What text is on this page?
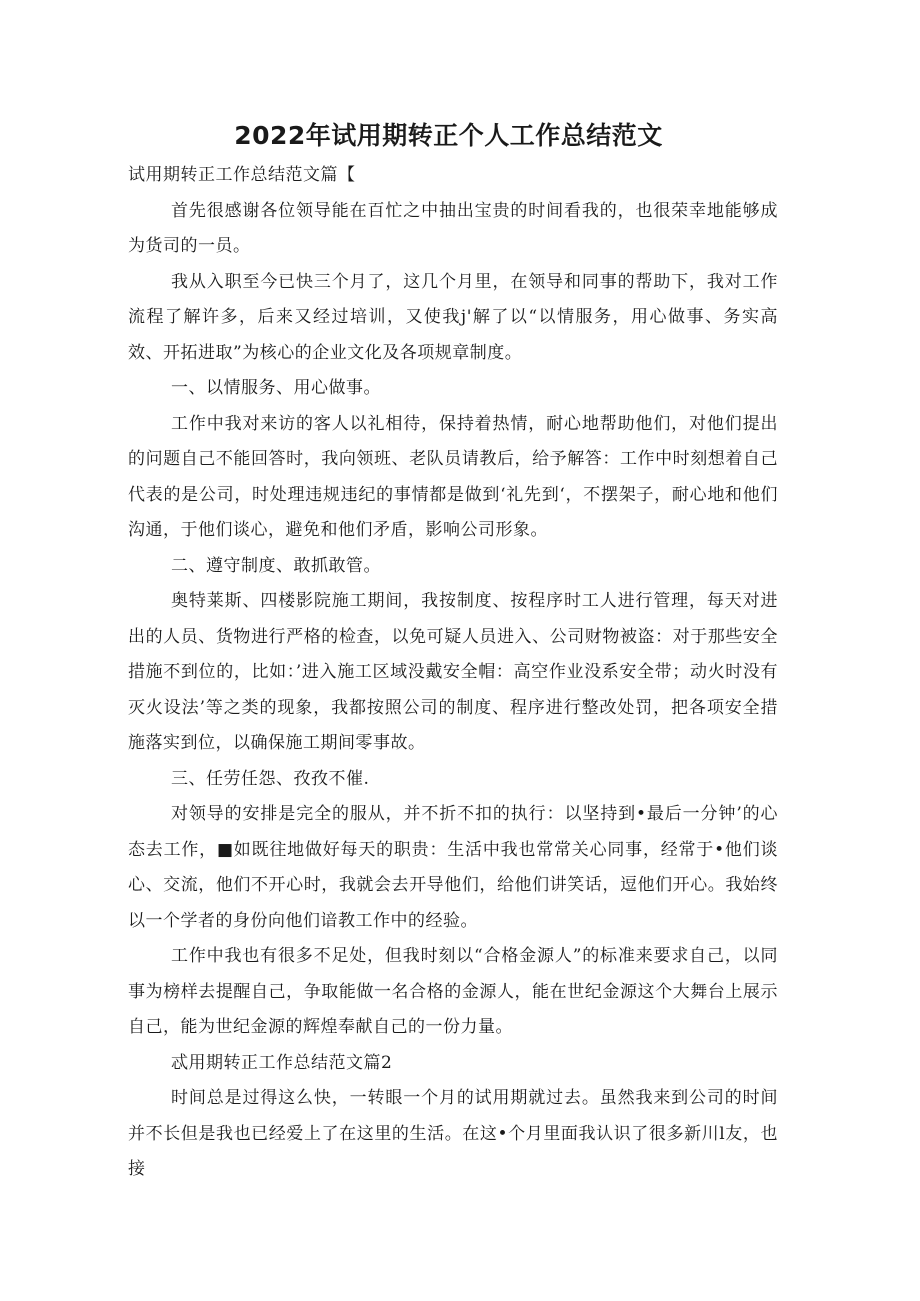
2022年试用期转正个人工作总结范文

试用期转正工作总结范文篇【

首先很感谢各位领导能在百忙之中抽出宝贵的时间看我的，也很荣幸地能够成为货司的一员。

我从入职至今已快三个月了，这几个月里，在领导和同事的帮助下，我对工作流程了解许多，后来又经过培训，又使我j'解了以“以情服务，用心做事、务实高效、开拓进取”为核心的企业文化及各项规章制度。

一、以情服务、用心做事。

工作中我对来访的客人以礼相待，保持着热情，耐心地帮助他们，对他们提出的问题自己不能回答时，我向领班、老队员请教后，给予解答：工作中时刻想着自己代表的是公司，时处理违规违纪的事情都是做到‘礼先到‘，不摆架子，耐心地和他们沟通，于他们谈心，避免和他们矛盾，影响公司形象。

二、遵守制度、敢抓敢管。

奥特莱斯、四楼影院施工期间，我按制度、按程序时工人进行管理，每天对进出的人员、货物进行严格的检查，以免可疑人员进入、公司财物被盗：对于那些安全措施不到位的，比如：’进入施工区域没戴安全帽：高空作业没系安全带；动火时没有灭火设法’等之类的现象，我都按照公司的制度、程序进行整改处罚，把各项安全措施落实到位，以确保施工期间零事故。

三、任劳任怨、孜孜不催.

对领导的安排是完全的服从，并不折不扣的执行：以坚持到•最后一分钟’的心态去工作，■如既往地做好每天的职贵：生活中我也常常关心同事，经常于•他们谈心、交流，他们不开心时，我就会去开导他们，给他们讲笑话，逗他们开心。我始终以一个学者的身份向他们谙教工作中的经验。

工作中我也有很多不足处，但我时刻以“合格金源人”的标准来要求自己，以同事为榜样去提醒自己，争取能做一名合格的金源人，能在世纪金源这个大舞台上展示自己，能为世纪金源的辉煌奉献自己的一份力量。

忒用期转正工作总结范文篇2

时间总是过得这么快，一转眼一个月的试用期就过去。虽然我来到公司的时间并不长但是我也已经爱上了在这里的生活。在这•个月里面我认识了很多新川l友，也接
